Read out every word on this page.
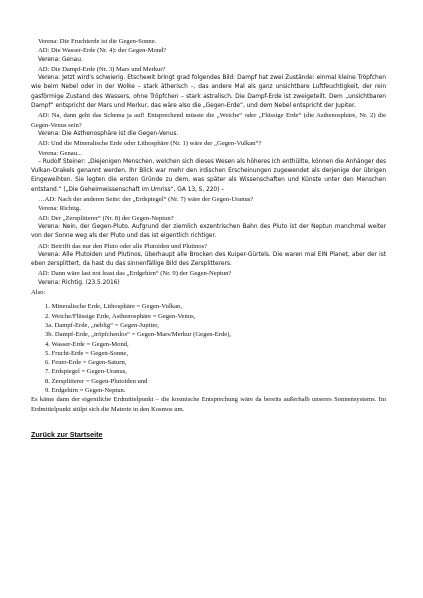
Verena: Die Fruchterde ist die Gegen-Sonne.

AD: Die Wasser-Erde (Nr. 4): der Gegen-Mond?

Verena: Genau.

AD: Die Dampf-Erde (Nr. 3) Mars und Merkur?

Verena: Jetzt wird's schwierig. Etschewit bringt grad folgendes Bild: Dampf hat zwei Zustände: einmal kleine Tröpfchen wie beim Nebel oder in der Wolke – stark ätherisch –, das andere Mal als ganz unsichtbare Luftfeuchtigkeit, der rein gasförmige Zustand des Wassers, ohne Tröpfchen – stark astralisch. Die Dampf-Erde ist zweigeteilt. Dem „unsichtbaren Dampf“ entspricht der Mars und Merkur, das wäre also die „Gegen-Erde“, und dem Nebel entspricht der Jupiter.

AD: Na, dann geht das Schema ja auf! Entsprechend müsste die „Weiche“ oder „Flüssige Erde“ (die Asthenosphäre, Nr. 2) die Gegen-Venus sein?

Verena: Die Asthenosphäre ist die Gegen-Venus.

AD: Und die Mineralische Erde oder Lithosphäre (Nr. 1) wäre der „Gegen-Vulkan“?

Verena: Genau...

– Rudolf Steiner: „Diejenigen Menschen, welchen sich dieses Wesen als höheres Ich enthüllte, können die Anhänger des Vulkan-Orakels genannt werden. Ihr Blick war mehr den irdischen Erscheinungen zugewendet als derjenige der übrigen Eingeweihten. Sie legten die ersten Gründe zu dem, was später als Wissenschaften und Künste unter den Menschen entstand.“ („Die Geheimwissenschaft im Umriss“, GA 13, S. 220) –

…AD: Nach der anderen Seite: der „Erdspiegel“ (Nr. 7) wäre der Gegen-Uranus?

Verena: Richtig.

AD: Der „Zersplitterer“ (Nr. 8) der Gegen-Neptun?

Verena: Nein, der Gegen-Pluto. Aufgrund der ziemlich exzentrischen Bahn des Pluto ist der Neptun manchmal weiter von der Sonne weg als der Pluto und das ist eigentlich richtiger.

AD: Betrifft das nur den Pluto oder alle Plutoiden und Plutinos?

Verena: Alle Plutoiden und Plutinos, überhaupt alle Brocken des Kuiper-Gürtels. Die waren mal EIN Planet, aber der ist eben zersplittert, da hast du das sinnenfällige Bild des Zersplitterers.

AD: Dann wäre last not least das „Erdgehirn“ (Nr. 9) der Gegen-Neptun?

Verena: Richtig. (23.5.2016)

Also:

1. Mineralische Erde, Lithosphäre = Gegen-Vulkan,
2. Weiche/Flüssige Erde, Asthenosphäre = Gegen-Venus,
3a. Dampf-Erde, „neblig“ = Gegen-Jupiter,
3b. Dampf-Erde, „tröpfchenlos“ = Gegen-Mars/Merkur (Gegen-Erde),
4. Wasser-Erde = Gegen-Mond,
5. Frucht-Erde = Gegen-Sonne,
6. Feuer-Erde = Gegen-Saturn,
7. Erdspiegel = Gegen-Uranus,
8. Zersplitterer = Gegen-Plutoiden und
9. Erdgehirn = Gegen-Neptun.

Es käme dann der eigentliche Erdmittelpunkt – die kosmische Entsprechung wäre da bereits außerhalb unseres Sonnensystems. Im Erdmittelpunkt stülpt sich die Materie in den Kosmos um.

Zurück zur Startseite
